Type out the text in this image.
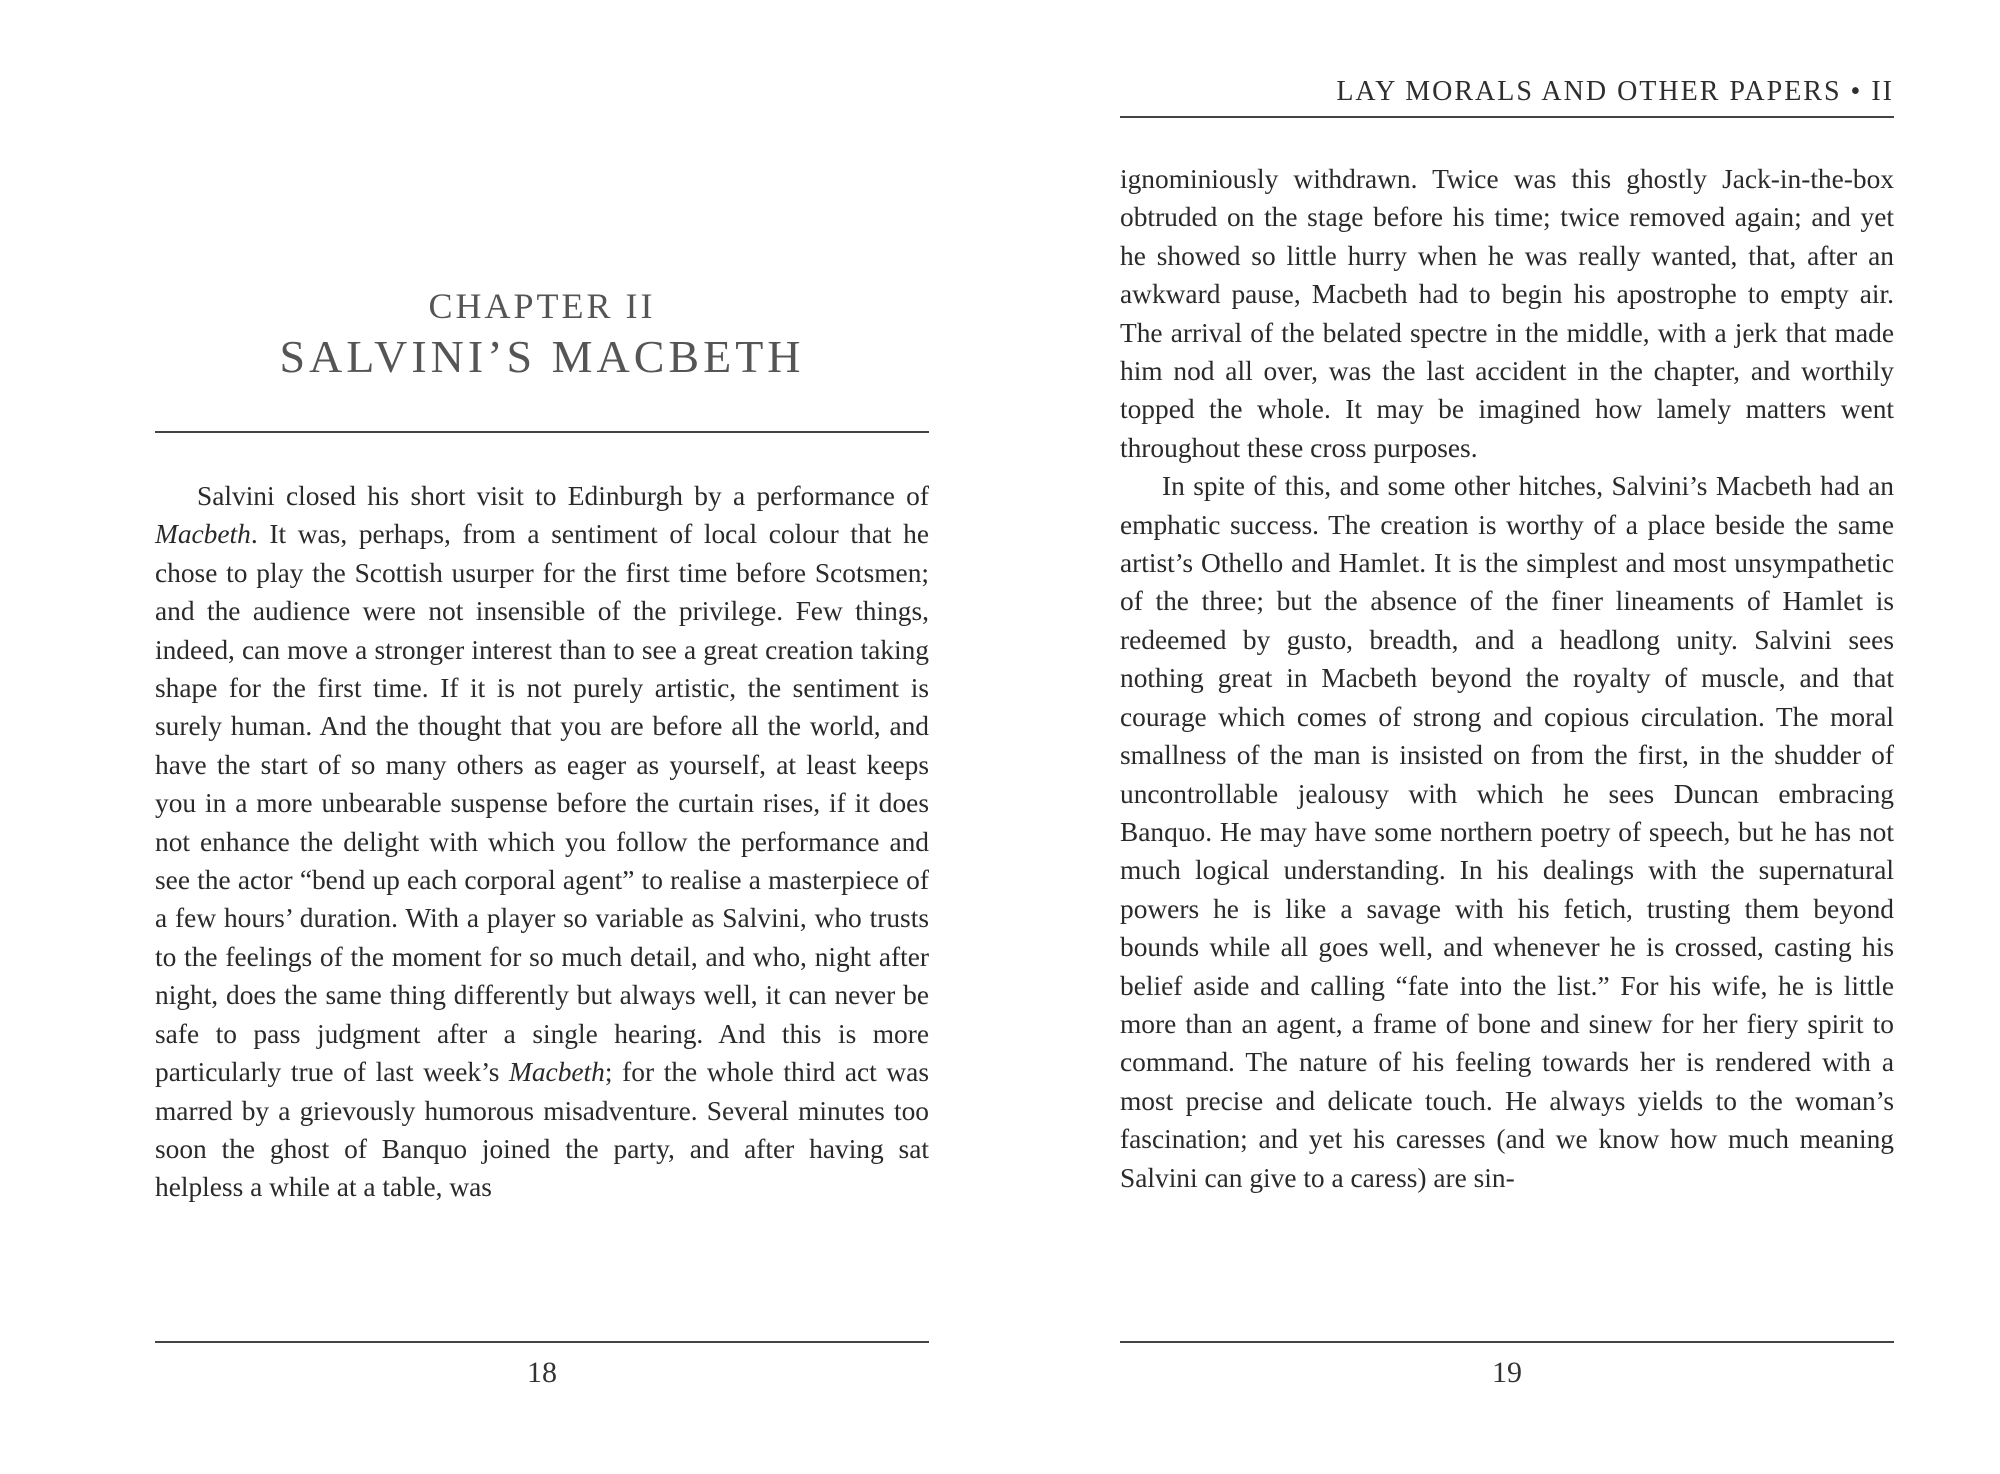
CHAPTER II
SALVINI’S MACBETH

Salvini closed his short visit to Edinburgh by a performance of Macbeth. It was, perhaps, from a sentiment of local colour that he chose to play the Scottish usurper for the first time before Scotsmen; and the audience were not insensible of the privilege. Few things, indeed, can move a stronger interest than to see a great creation taking shape for the first time. If it is not purely artistic, the sentiment is surely human. And the thought that you are before all the world, and have the start of so many others as eager as yourself, at least keeps you in a more unbearable suspense before the curtain rises, if it does not enhance the delight with which you follow the performance and see the actor “bend up each corporal agent” to realise a masterpiece of a few hours’ duration. With a player so variable as Salvini, who trusts to the feelings of the moment for so much detail, and who, night after night, does the same thing differently but always well, it can never be safe to pass judgment after a single hearing. And this is more particularly true of last week’s Macbeth; for the whole third act was marred by a grievously humorous misadventure. Several minutes too soon the ghost of Banquo joined the party, and after having sat helpless a while at a table, was

18
LAY MORALS AND OTHER PAPERS • II

ignominiously withdrawn. Twice was this ghostly Jack-in-the-box obtruded on the stage before his time; twice removed again; and yet he showed so little hurry when he was really wanted, that, after an awkward pause, Macbeth had to begin his apostrophe to empty air. The arrival of the belated spectre in the middle, with a jerk that made him nod all over, was the last accident in the chapter, and worthily topped the whole. It may be imagined how lamely matters went throughout these cross purposes.

In spite of this, and some other hitches, Salvini’s Macbeth had an emphatic success. The creation is worthy of a place beside the same artist’s Othello and Hamlet. It is the simplest and most unsympathetic of the three; but the absence of the finer lineaments of Hamlet is redeemed by gusto, breadth, and a headlong unity. Salvini sees nothing great in Macbeth beyond the royalty of muscle, and that courage which comes of strong and copious circulation. The moral smallness of the man is insisted on from the first, in the shudder of uncontrollable jealousy with which he sees Duncan embracing Banquo. He may have some northern poetry of speech, but he has not much logical understanding. In his dealings with the supernatural powers he is like a savage with his fetich, trusting them beyond bounds while all goes well, and whenever he is crossed, casting his belief aside and calling “fate into the list.” For his wife, he is little more than an agent, a frame of bone and sinew for her fiery spirit to command. The nature of his feeling towards her is rendered with a most precise and delicate touch. He always yields to the woman’s fascination; and yet his caresses (and we know how much meaning Salvini can give to a caress) are sin-

19
